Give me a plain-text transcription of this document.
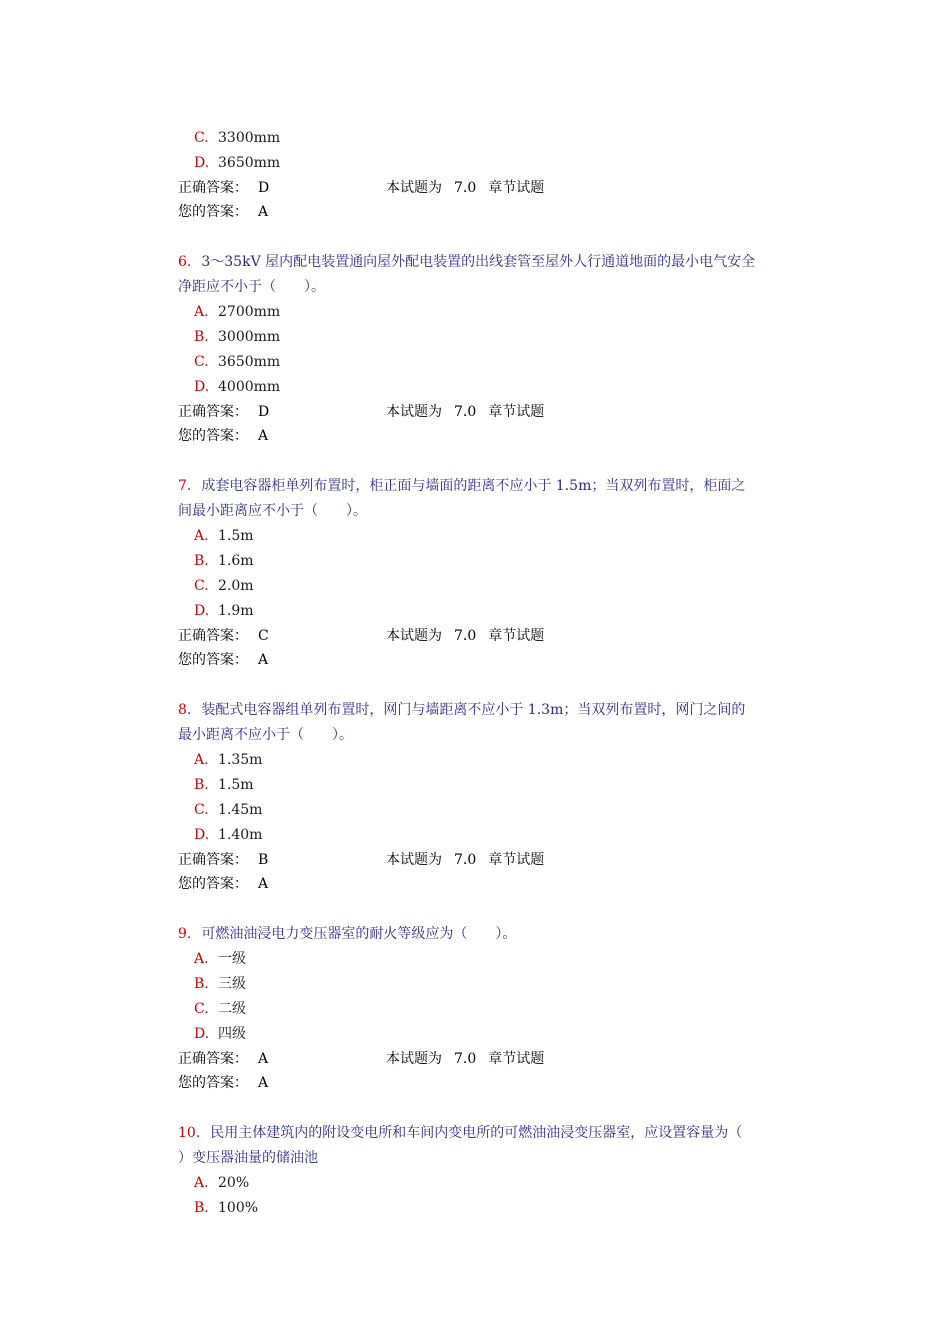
C. 3300mm
D. 3650mm
正确答案： D	本试题为 7.0 章节试题
您的答案： A
6. 3～35kV 屋内配电装置通向屋外配电装置的出线套管至屋外人行通道地面的最小电气安全
净距应不小于（　　）。
A. 2700mm
B. 3000mm
C. 3650mm
D. 4000mm
正确答案： D	本试题为 7.0 章节试题
您的答案： A
7. 成套电容器柜单列布置时，柜正面与墙面的距离不应小于 1.5m；当双列布置时，柜面之
间最小距离应不小于（　　）。
A. 1.5m
B. 1.6m
C. 2.0m
D. 1.9m
正确答案： C	本试题为 7.0 章节试题
您的答案： A
8. 装配式电容器组单列布置时，网门与墙距离不应小于 1.3m；当双列布置时，网门之间的
最小距离不应小于（　　）。
A. 1.35m
B. 1.5m
C. 1.45m
D. 1.40m
正确答案： B	本试题为 7.0 章节试题
您的答案： A
9. 可燃油油浸电力变压器室的耐火等级应为（　　）。
A. 一级
B. 三级
C. 二级
D. 四级
正确答案： A	本试题为 7.0 章节试题
您的答案： A
10. 民用主体建筑内的附设变电所和车间内变电所的可燃油油浸变压器室，应设置容量为（
）变压器油量的储油池
A. 20%
B. 100%
